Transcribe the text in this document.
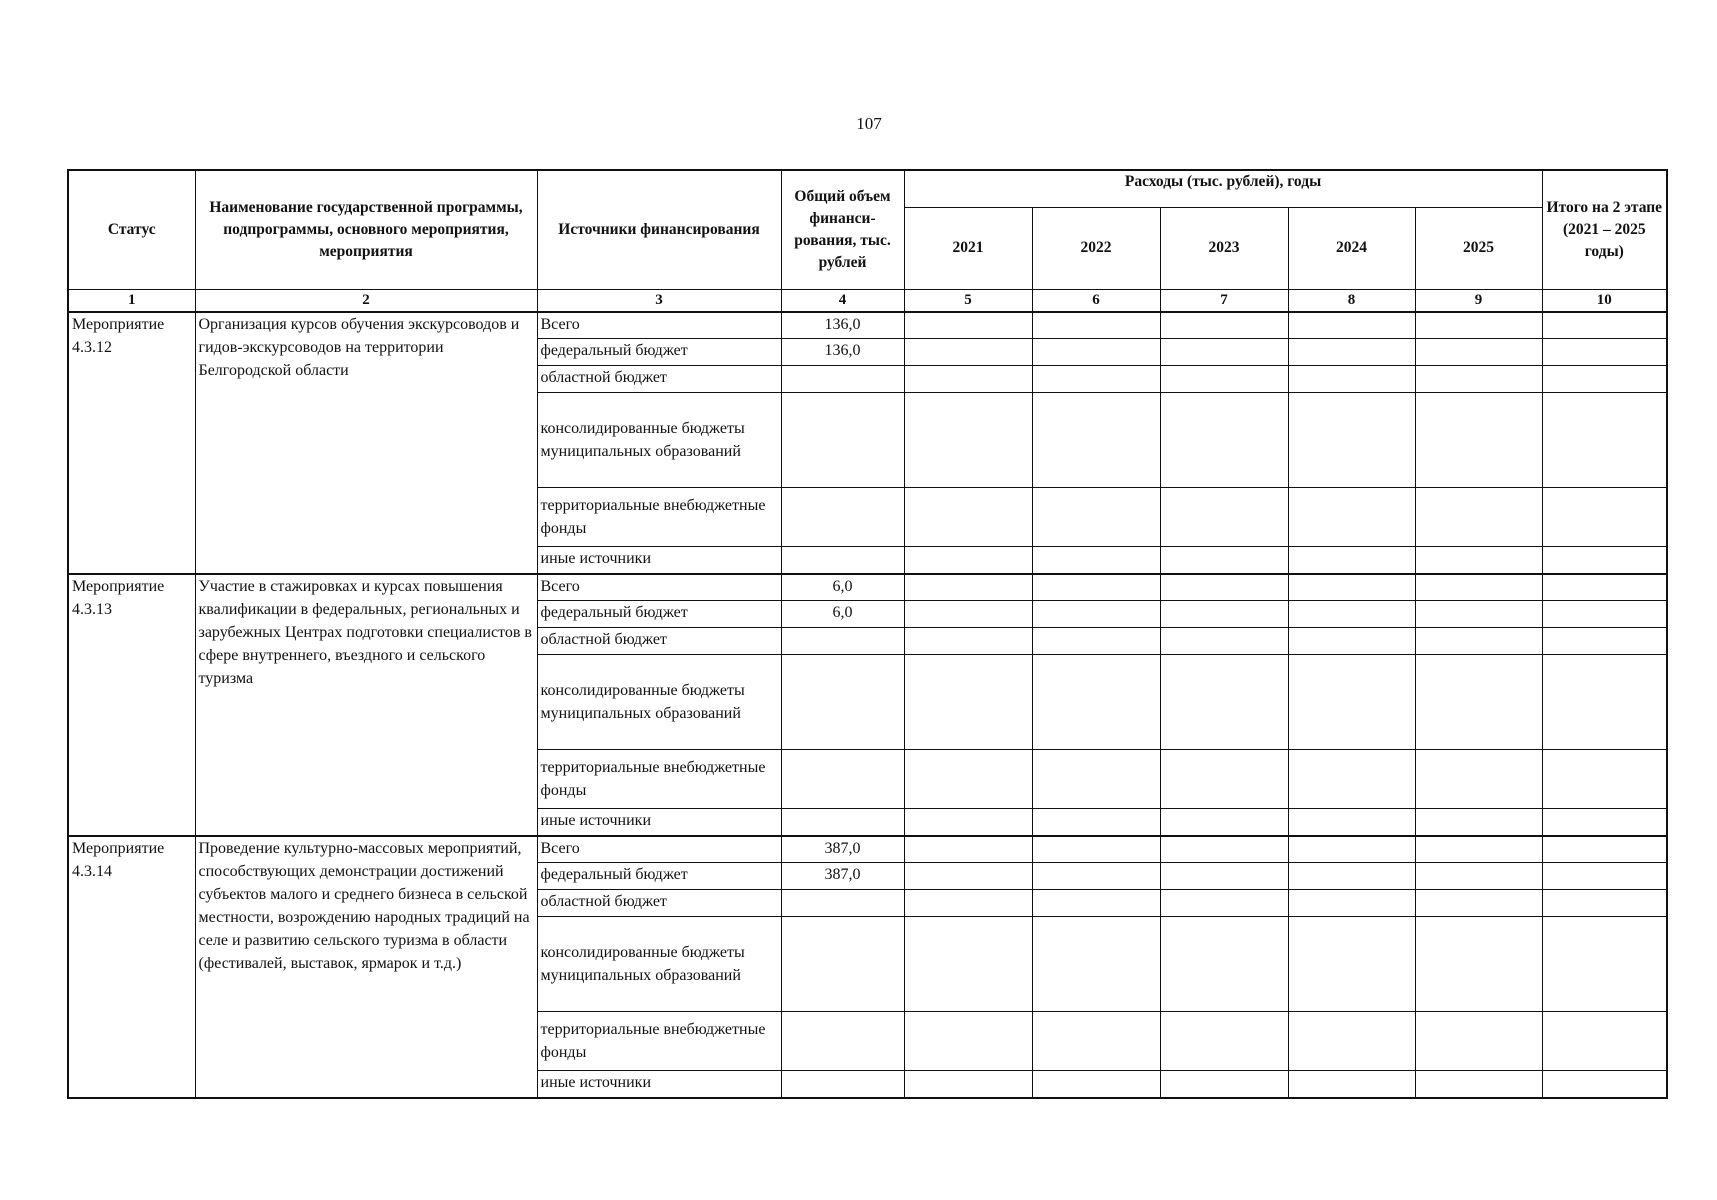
107
Статус	Наименование государственной программы, подпрограммы, основного мероприятия, мероприятия	Источники финансирования	Общий объем финанси-рования, тыс. рублей	Расходы (тыс. рублей), годы					Итого на 2 этапе (2021 – 2025 годы)
				2021	2022	2023	2024	2025	
1	2	3	4	5	6	7	8	9	10
Мероприятие 4.3.12	Организация курсов обучения экскурсоводов и гидов-экскурсоводов на территории Белгородской области	Всего	136,0						
		федеральный бюджет	136,0						
		областной бюджет							
		консолидированные бюджеты муниципальных образований							
		территориальные внебюджетные фонды							
		иные источники							
Мероприятие 4.3.13	Участие в стажировках и курсах повышения квалификации в федеральных, региональных и зарубежных Центрах подготовки специалистов в сфере внутреннего, въездного и сельского туризма	Всего	6,0						
		федеральный бюджет	6,0						
		областной бюджет							
		консолидированные бюджеты муниципальных образований							
		территориальные внебюджетные фонды							
		иные источники							
Мероприятие 4.3.14	Проведение культурно-массовых мероприятий, способствующих демонстрации достижений субъектов малого и среднего бизнеса в сельской местности, возрождению народных традиций на селе и развитию сельского туризма в области (фестивалей, выставок, ярмарок и т.д.)	Всего	387,0						
		федеральный бюджет	387,0						
		областной бюджет							
		консолидированные бюджеты муниципальных образований							
		территориальные внебюджетные фонды							
		иные источники							
